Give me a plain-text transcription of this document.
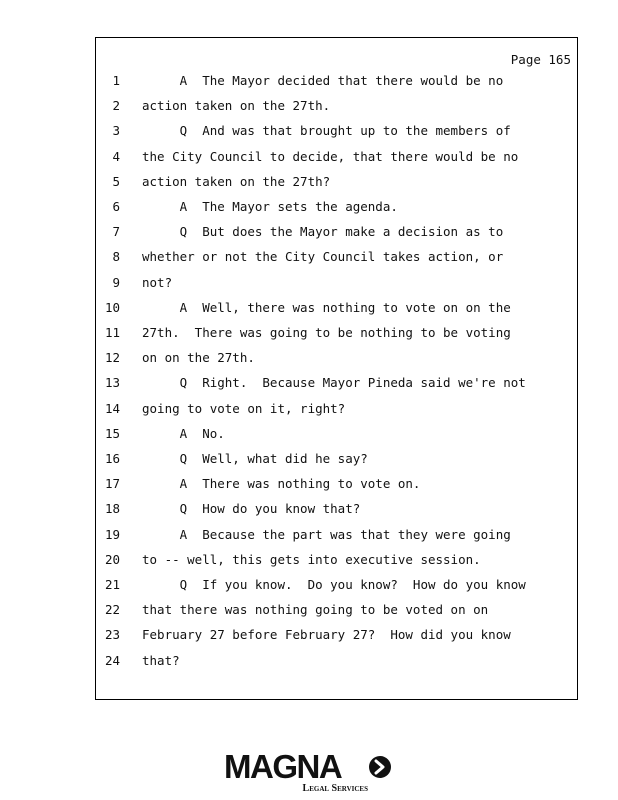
Page 165
1 A  The Mayor decided that there would be no
2 action taken on the 27th.
3 Q  And was that brought up to the members of
4 the City Council to decide, that there would be no
5 action taken on the 27th?
6 A  The Mayor sets the agenda.
7 Q  But does the Mayor make a decision as to
8 whether or not the City Council takes action, or
9 not?
10 A  Well, there was nothing to vote on on the
11 27th.  There was going to be nothing to be voting
12 on on the 27th.
13 Q  Right.  Because Mayor Pineda said we're not
14 going to vote on it, right?
15 A  No.
16 Q  Well, what did he say?
17 A  There was nothing to vote on.
18 Q  How do you know that?
19 A  Because the part was that they were going
20 to -- well, this gets into executive session.
21 Q  If you know.  Do you know?  How do you know
22 that there was nothing going to be voted on on
23 February 27 before February 27?  How did you know
24 that?
MAGNA
Legal Services
